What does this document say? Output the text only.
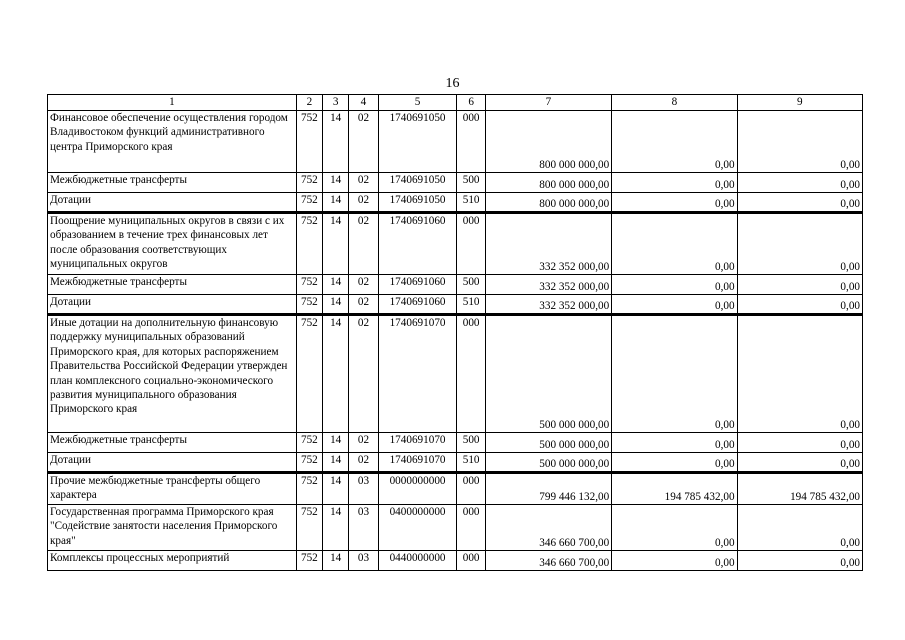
16
1	2	3	4	5	6	7	8	9
Финансовое обеспечение осуществления городом Владивостоком функций административного центра Приморского края	752	14	02	1740691050	000	800 000 000,00	0,00	0,00
Межбюджетные трансферты	752	14	02	1740691050	500	800 000 000,00	0,00	0,00
Дотации	752	14	02	1740691050	510	800 000 000,00	0,00	0,00
Поощрение муниципальных округов в связи с их образованием в течение трех финансовых лет после образования соответствующих муниципальных округов	752	14	02	1740691060	000	332 352 000,00	0,00	0,00
Межбюджетные трансферты	752	14	02	1740691060	500	332 352 000,00	0,00	0,00
Дотации	752	14	02	1740691060	510	332 352 000,00	0,00	0,00
Иные дотации на дополнительную финансовую поддержку муниципальных образований Приморского края, для которых распоряжением Правительства Российской Федерации утвержден план комплексного социально-экономического развития муниципального образования Приморского края	752	14	02	1740691070	000	500 000 000,00	0,00	0,00
Межбюджетные трансферты	752	14	02	1740691070	500	500 000 000,00	0,00	0,00
Дотации	752	14	02	1740691070	510	500 000 000,00	0,00	0,00
Прочие межбюджетные трансферты общего характера	752	14	03	0000000000	000	799 446 132,00	194 785 432,00	194 785 432,00
Государственная программа Приморского края "Содействие занятости населения Приморского края"	752	14	03	0400000000	000	346 660 700,00	0,00	0,00
Комплексы процессных мероприятий	752	14	03	0440000000	000	346 660 700,00	0,00	0,00
